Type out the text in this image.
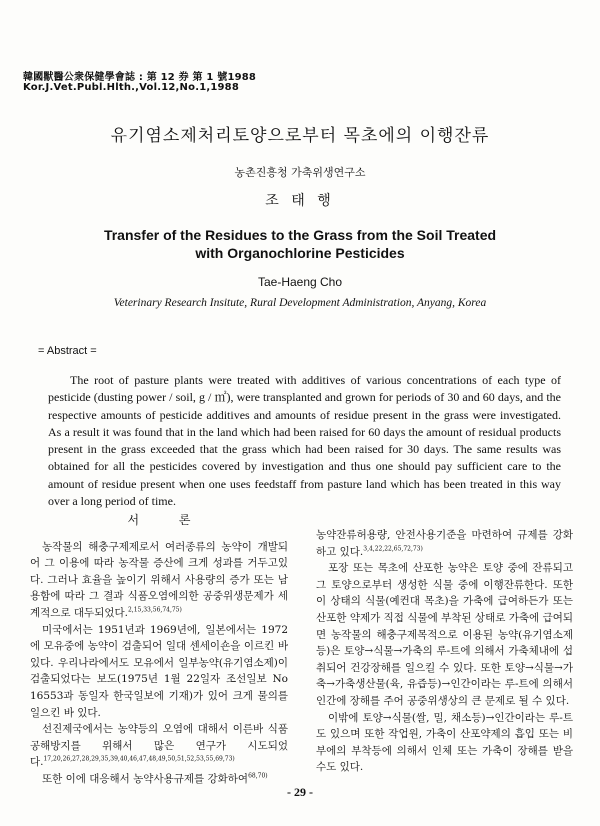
韓國獸醫公衆保健學會誌 : 第 12 券 第 1 號1988
Kor.J.Vet.Publ.Hlth.,Vol.12,No.1,1988
유기염소제처리토양으로부터 목초에의 이행잔류
농촌진흥청 가축위생연구소
조 태 행
Transfer of the Residues to the Grass from the Soil Treated
with Organochlorine Pesticides
Tae-Haeng Cho
Veterinary Research Insitute, Rural Development Administration, Anyang, Korea
= Abstract =

The root of pasture plants were treated with additives of various concentrations of each type of pesticide (dusting power / soil, g / ㎡), were transplanted and grown for periods of 30 and 60 days, and the respective amounts of pesticide additives and amounts of residue present in the grass were investigated. As a result it was found that in the land which had been raised for 60 days the amount of residual products present in the grass exceeded that the grass which had been raised for 30 days. The same results was obtained for all the pesticides covered by investigation and thus one should pay sufficient care to the amount of residue present when one uses feedstaff from pasture land which has been treated in this way over a long period of time.

서 론

농작물의 해충구제제로서 여러종류의 농약이 개발되어 그 이용에 따라 농작물 증산에 크게 성과를 거두고있다. 그러나 효율을 높이기 위해서 사용량의 증가 또는 남용함에 따라 그 결과 식품오염에의한 공중위생문제가 세계적으로 대두되었다.$^{2,15,33,56,74,75)}$

미국에서는 1951년과 1969년에, 일본에서는 1972에 모유중에 농약이 검출되어 일대 센세이숀을 이르킨 바 있다. 우리나라에서도 모유에서 일부농약(유기염소제)이 검출되었다는 보도(1975년 1월 22일자 조선일보 No 16553과 동일자 한국일보에 기재)가 있어 크게 물의를 일으킨 바 있다.

선진제국에서는 농약등의 오염에 대해서 이른바 식품공해방지를 위해서 많은 연구가 시도되었다.$^{17,20,26,27,28,29,35,39,40,46,47,48,49,50,51,52,53,55,69,73)}$

또한 이에 대응해서 농약사용규제를 강화하여$^{68,70)}$

농약잔류허용량, 안전사용기준을 마련하여 규제를 강화하고 있다.$^{3,4,22,22,65,72,73)}$

포장 또는 목초에 산포한 농약은 토양 중에 잔류되고 그 토양으로부터 생성한 식물 중에 이행잔류한다. 또한 이 상태의 식물(예컨대 목초)을 가축에 급여하든가 또는 산포한 약제가 직접 식물에 부착된 상태로 가축에 급여되면 농작물의 해충구제목적으로 이용된 농약(유기염소제등)은 토양→식물→가축의 루-트에 의해서 가축체내에 섭취되어 건강장해를 일으킬 수 있다. 또한 토양→식물→가축→가축생산물(육, 유즙등)→인간이라는 루-트에 의해서 인간에 장해를 주어 공중위생상의 큰 문제로 될 수 있다.

이밖에 토양→식물(쌀, 밀, 채소등)→인간이라는 루-트도 있으며 또한 작업원, 가축이 산포약제의 흡입 또는 비부에의 부착등에 의해서 인체 또는 가축이 장해를 받을 수도 있다.

- 29 -
